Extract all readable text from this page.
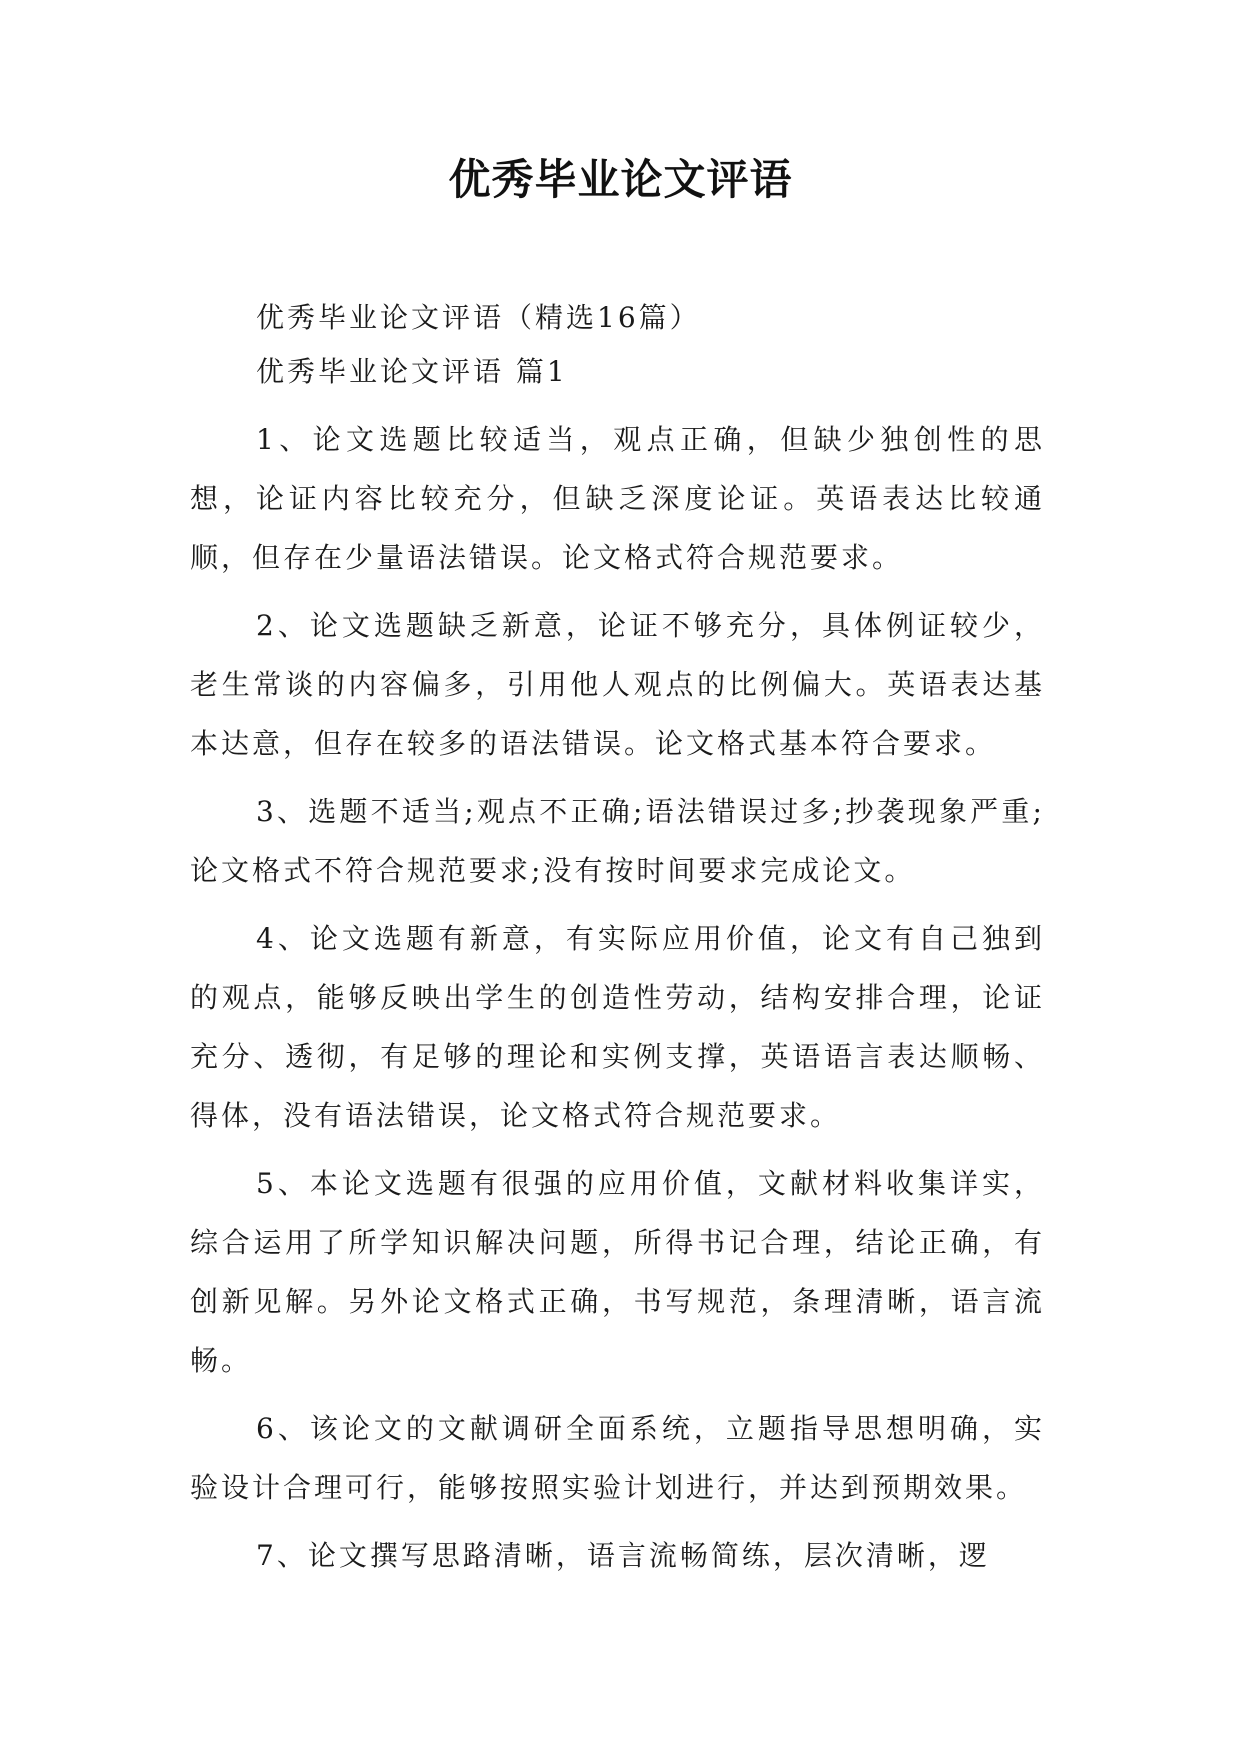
优秀毕业论文评语

优秀毕业论文评语（精选16篇）

优秀毕业论文评语 篇1

1、论文选题比较适当，观点正确，但缺少独创性的思想，论证内容比较充分，但缺乏深度论证。英语表达比较通顺，但存在少量语法错误。论文格式符合规范要求。

2、论文选题缺乏新意，论证不够充分，具体例证较少，老生常谈的内容偏多，引用他人观点的比例偏大。英语表达基本达意，但存在较多的语法错误。论文格式基本符合要求。

3、选题不适当;观点不正确;语法错误过多;抄袭现象严重;论文格式不符合规范要求;没有按时间要求完成论文。

4、论文选题有新意，有实际应用价值，论文有自己独到的观点，能够反映出学生的创造性劳动，结构安排合理，论证充分、透彻，有足够的理论和实例支撑，英语语言表达顺畅、得体，没有语法错误，论文格式符合规范要求。

5、本论文选题有很强的应用价值，文献材料收集详实，综合运用了所学知识解决问题，所得书记合理，结论正确，有创新见解。另外论文格式正确，书写规范，条理清晰，语言流畅。

6、该论文的文献调研全面系统，立题指导思想明确，实验设计合理可行，能够按照实验计划进行，并达到预期效果。

7、论文撰写思路清晰，语言流畅简练，层次清晰，逻
